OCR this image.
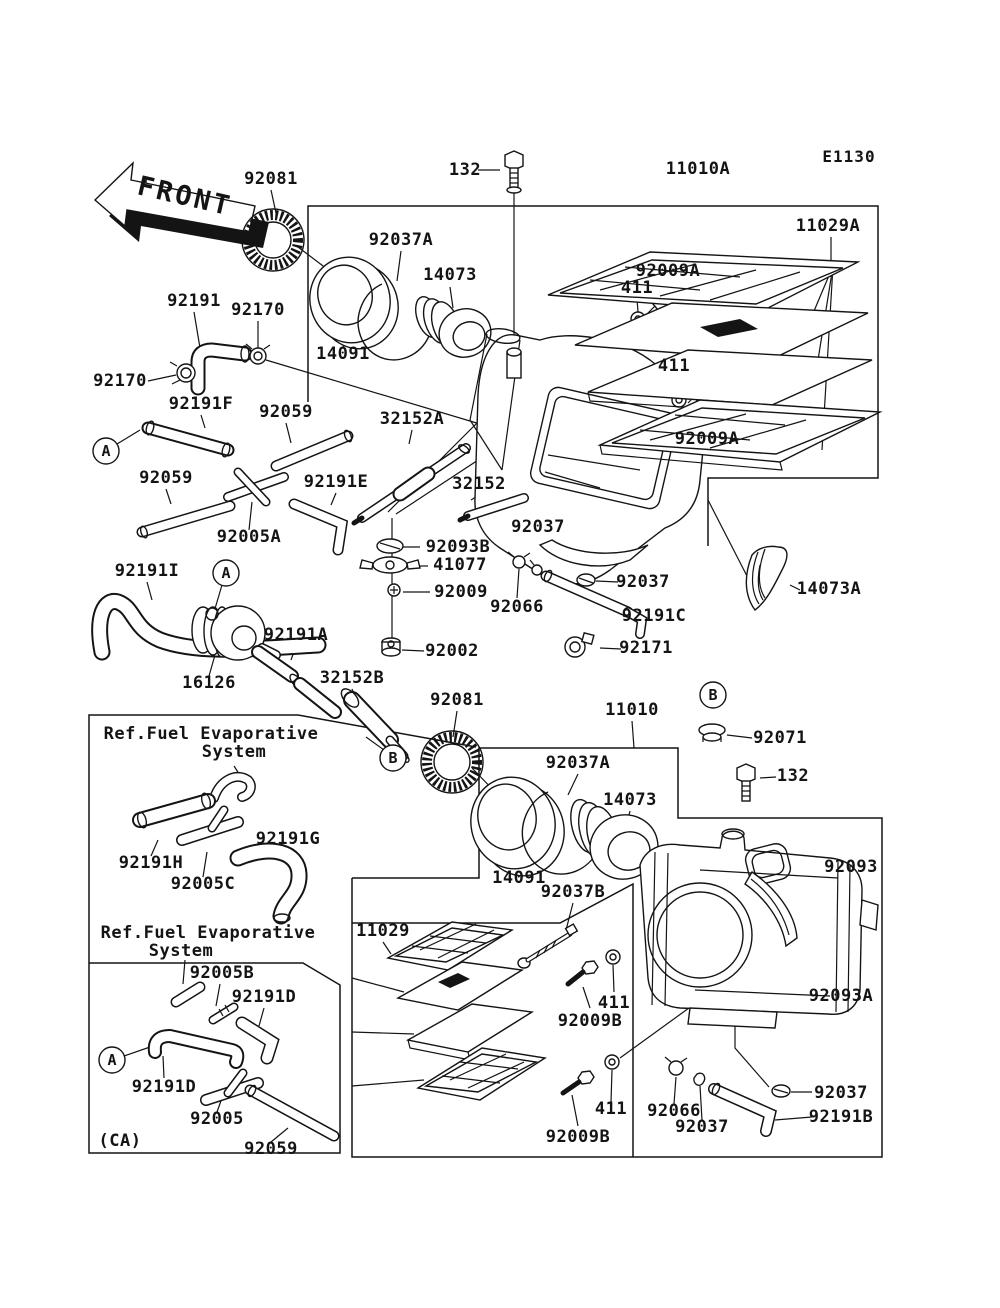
FRONT
E1130
A
A
B
B
A
92081	132	11010A
11029A
92037A
14073	92009A
411
92191 92170
14091
411
92170
92191F 92059	32152A
92009A
92059	92191E	32152
92005A	92037
92093B
41077
92191I
92009	92037
92066
14073A
92191C
16126
92191A
92002	92171
32152B
92081	11010
92071
132
92037A
14073
92191G
92191H
14091
92005C	92037B
92093
11029
92005B
92191D	411
92009B
92093A
92191D
92005
92037
411 92066	92191B
92037
(CA)	92009B
92059
Ref.Fuel Evaporative
System
Ref.Fuel Evaporative
System
